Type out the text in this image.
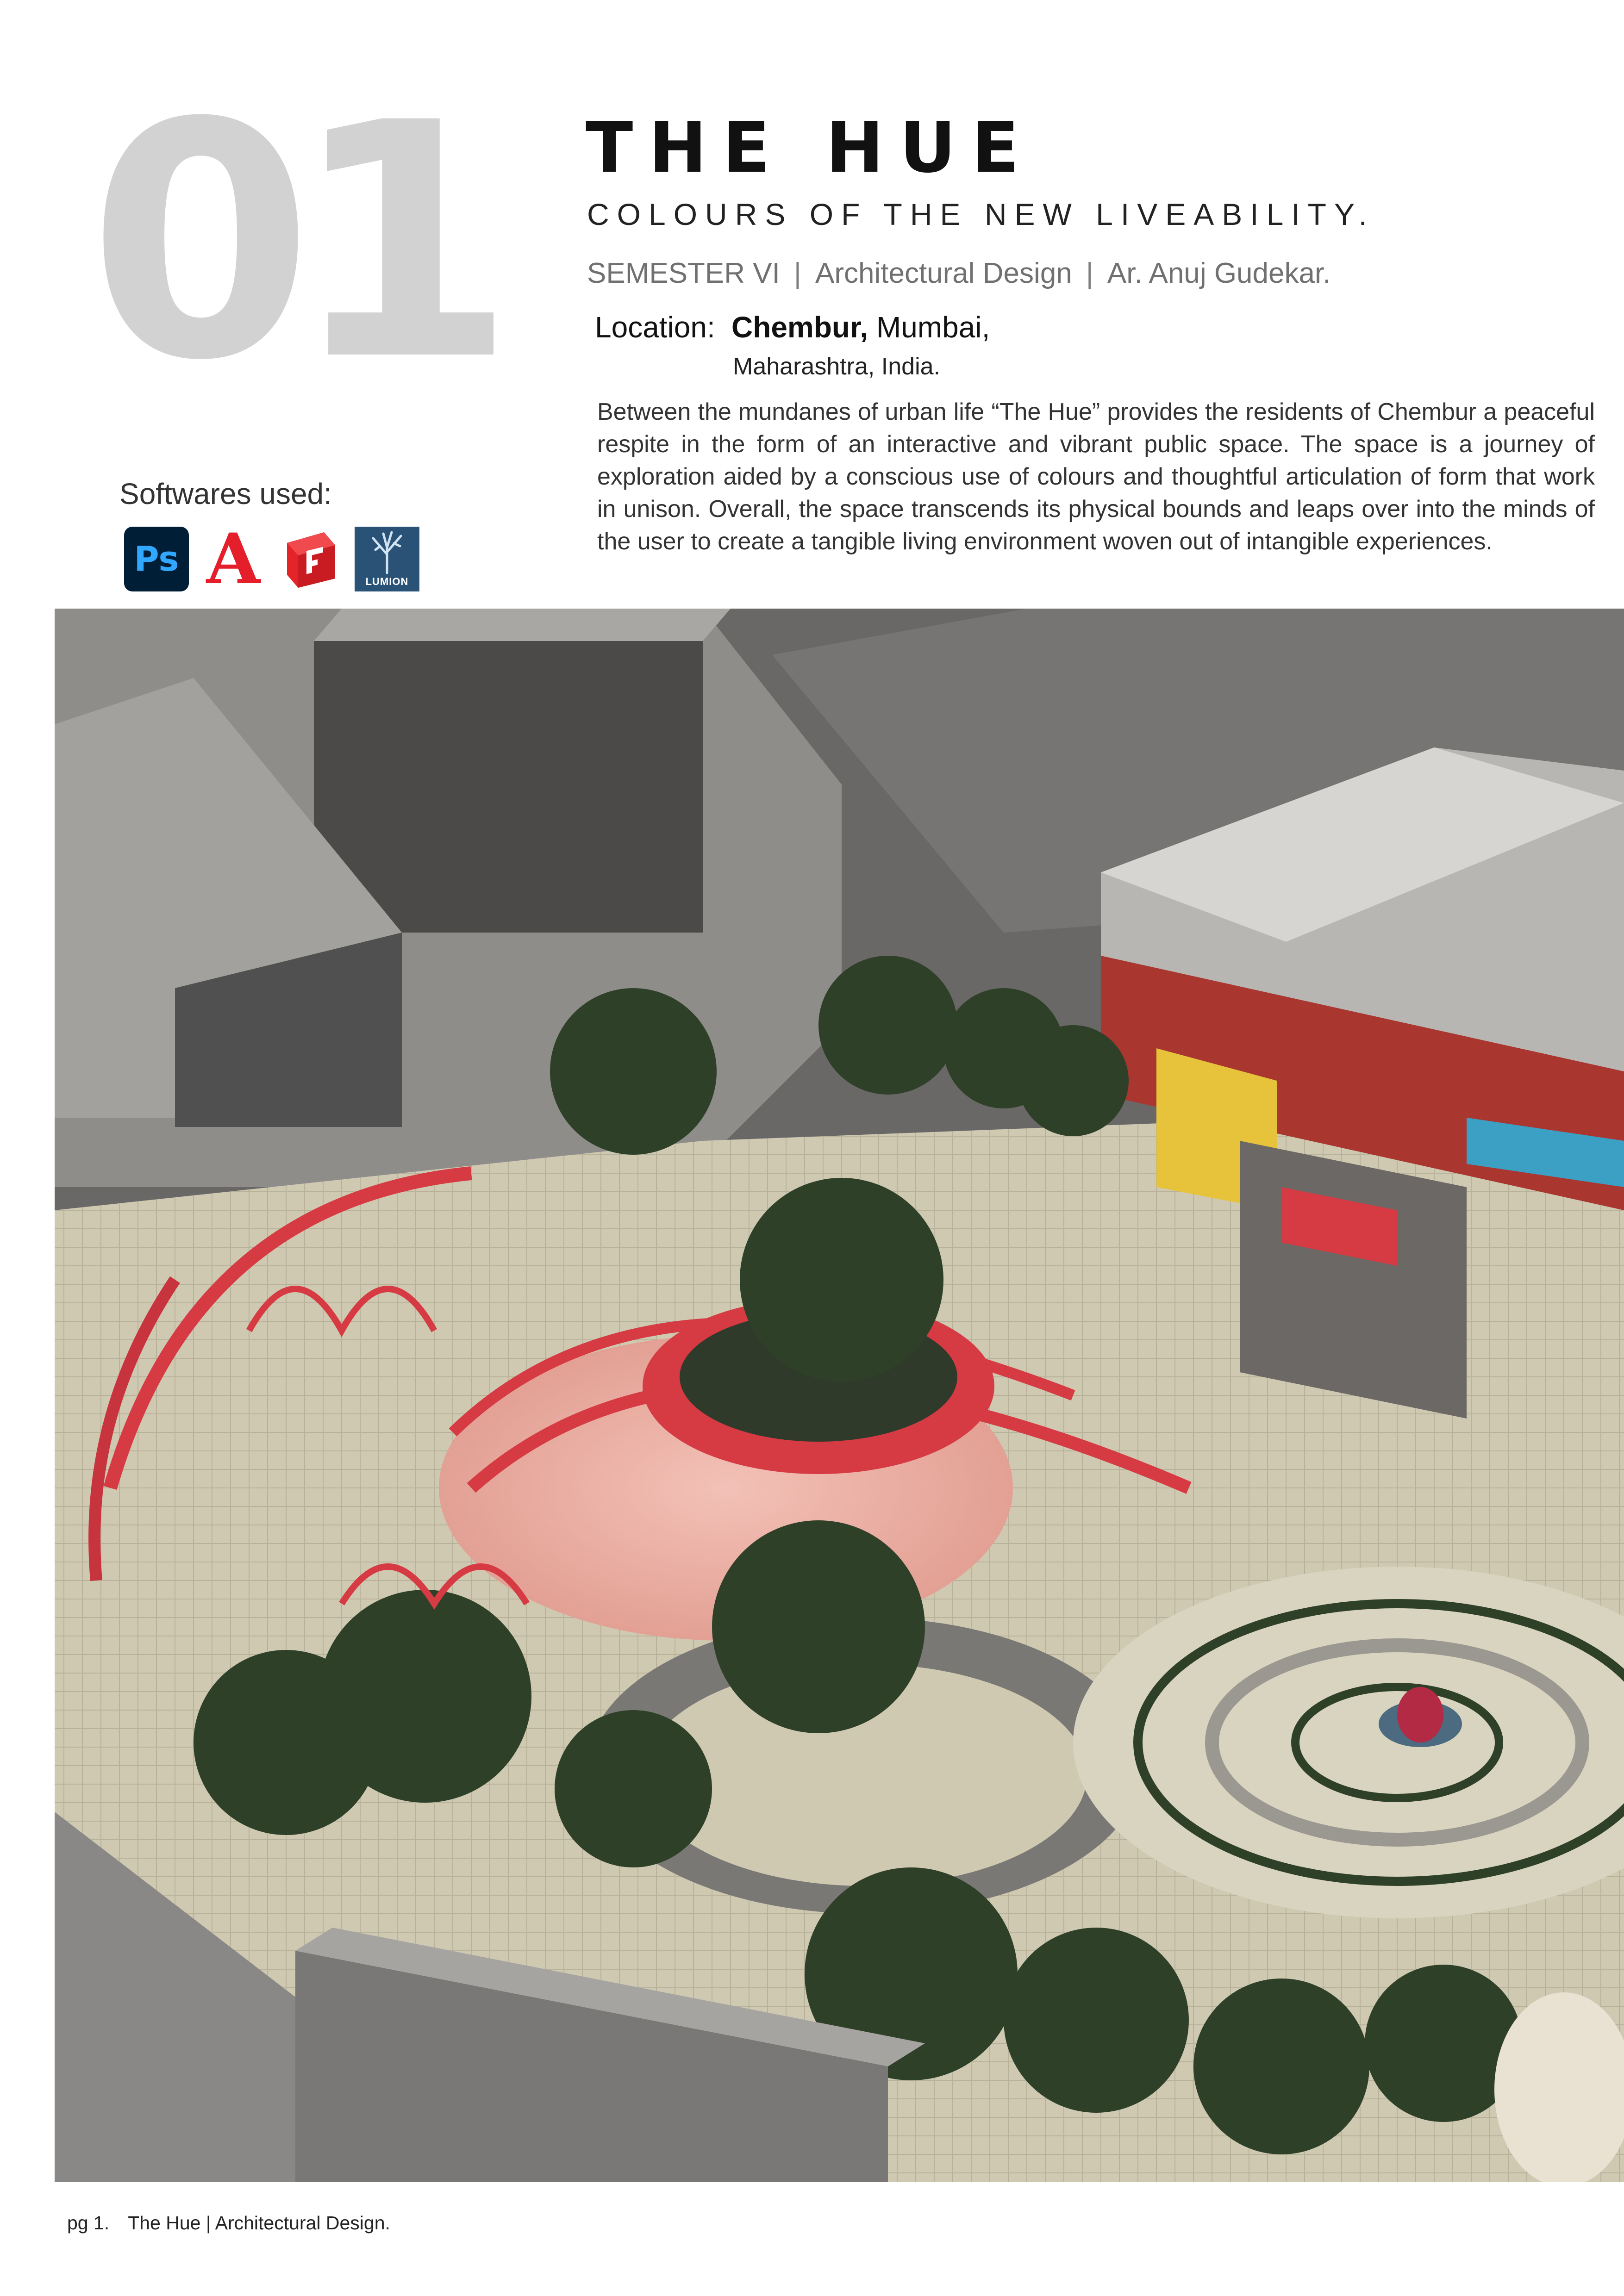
01 THE HUE
COLOURS OF THE NEW LIVEABILITY.
SEMESTER VI | Architectural Design | Ar. Anuj Gudekar.
Location: Chembur, Mumbai,
Maharashtra, India.

Between the mundanes of urban life “The Hue” provides the residents of Chembur a peaceful respite in the form of an interactive and vibrant public space. The space is a journey of exploration aided by a conscious use of colours and thoughtful articulation of form that work in unison. Overall, the space transcends its physical bounds and leaps over into the minds of the user to create a tangible living environment woven out of intangible experiences.

Softwares used:
Ps A	LUMION
pg 1. The Hue | Architectural Design.
